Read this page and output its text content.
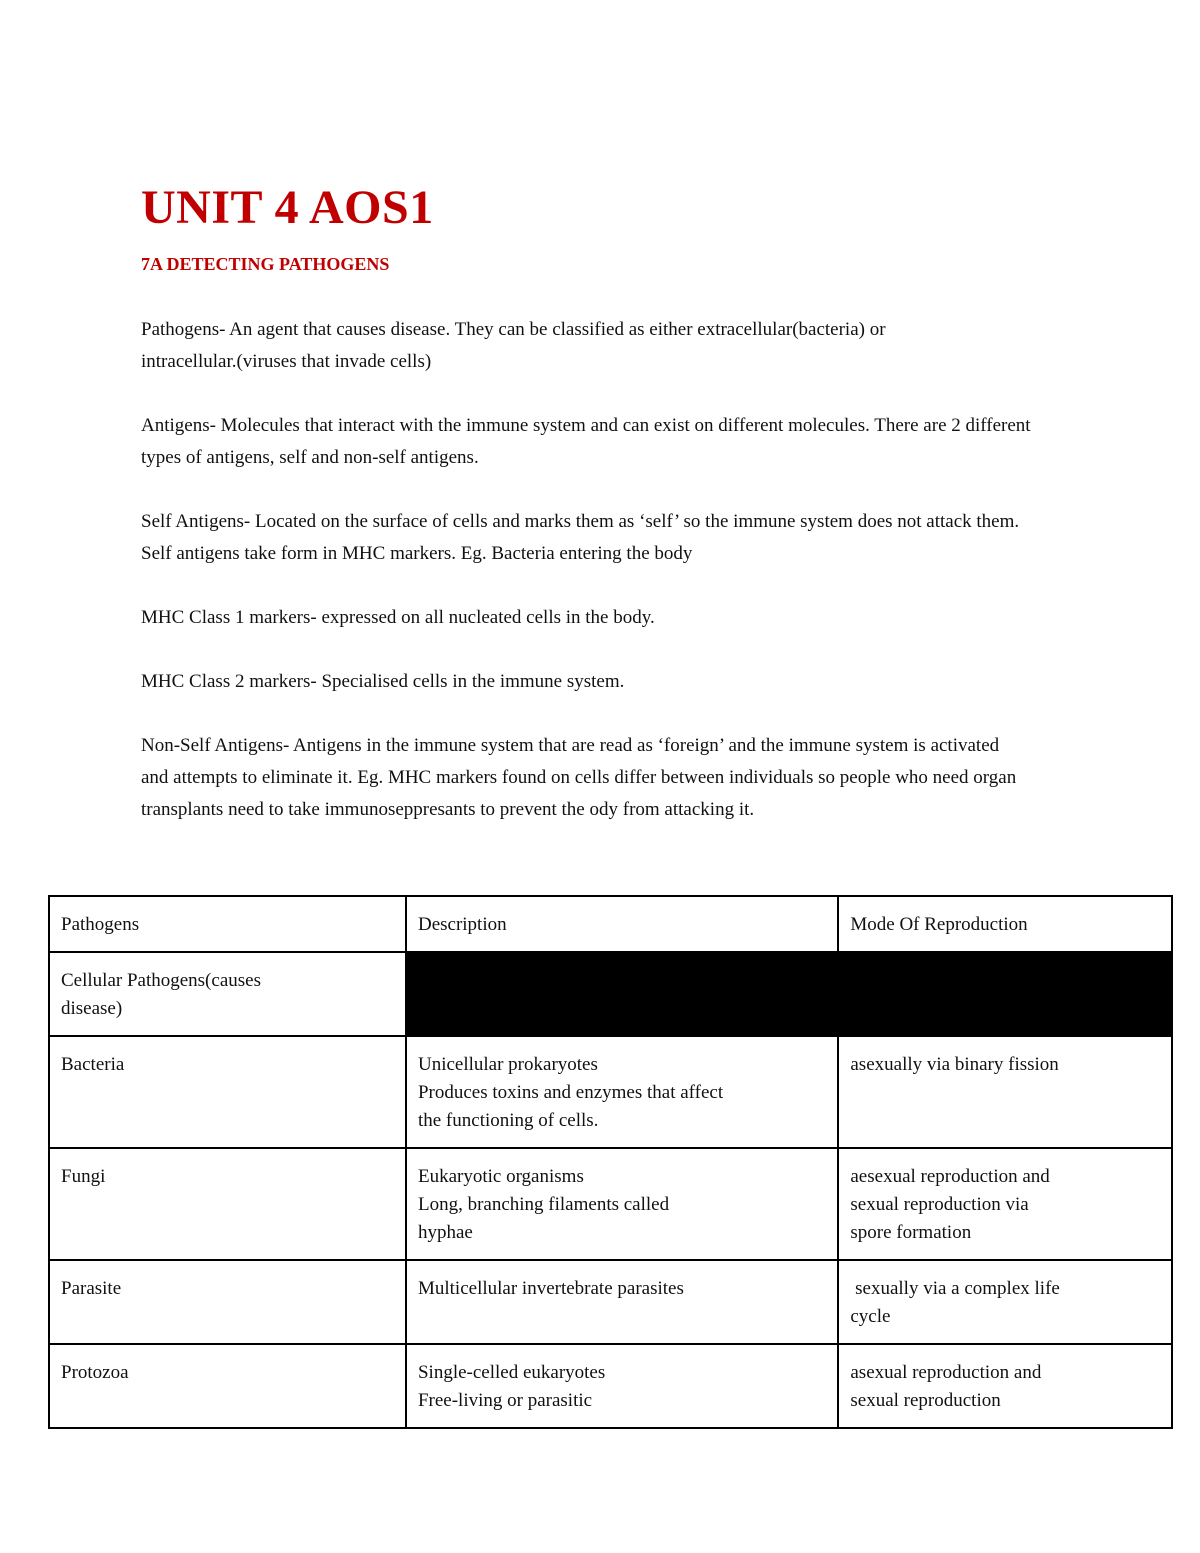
UNIT 4 AOS1
7A DETECTING PATHOGENS

Pathogens- An agent that causes disease. They can be classified as either extracellular(bacteria) or
intracellular.(viruses that invade cells)

Antigens- Molecules that interact with the immune system and can exist on different molecules. There are 2 different
types of antigens, self and non-self antigens.

Self Antigens- Located on the surface of cells and marks them as ‘self’ so the immune system does not attack them.
Self antigens take form in MHC markers. Eg. Bacteria entering the body

MHC Class 1 markers- expressed on all nucleated cells in the body.

MHC Class 2 markers- Specialised cells in the immune system.

Non-Self Antigens- Antigens in the immune system that are read as ‘foreign’ and the immune system is activated
and attempts to eliminate it. Eg. MHC markers found on cells differ between individuals so people who need organ
transplants need to take immunoseppresants to prevent the ody from attacking it.

Pathogens	Description	Mode Of Reproduction

Cellular Pathogens(causes
disease)		

Bacteria	Unicellular prokaryotes
Produces toxins and enzymes that affect
the functioning of cells.	asexually via binary fission

Fungi	Eukaryotic organisms
Long, branching filaments called
hyphae	aesexual reproduction and
sexual reproduction via
spore formation

Parasite	Multicellular invertebrate parasites	sexually via a complex life
cycle

Protozoa	Single-celled eukaryotes
Free-living or parasitic	asexual reproduction and
sexual reproduction
